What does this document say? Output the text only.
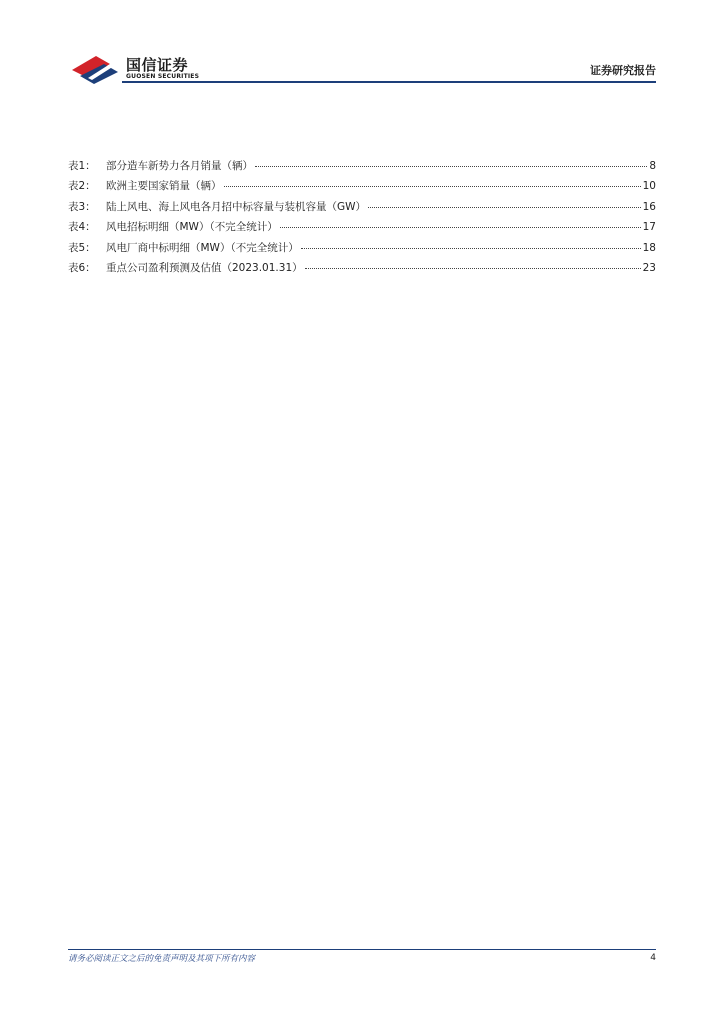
国信证券
GUOSEN SECURITIES	证券研究报告
表1： 部分造车新势力各月销量（辆）	8
表2： 欧洲主要国家销量（辆）	10
表3： 陆上风电、海上风电各月招中标容量与装机容量（GW）	16
表4： 风电招标明细（MW）（不完全统计）	17
表5： 风电厂商中标明细（MW）（不完全统计）	18
表6： 重点公司盈利预测及估值（2023.01.31）	23
请务必阅读正文之后的免责声明及其项下所有内容	4
